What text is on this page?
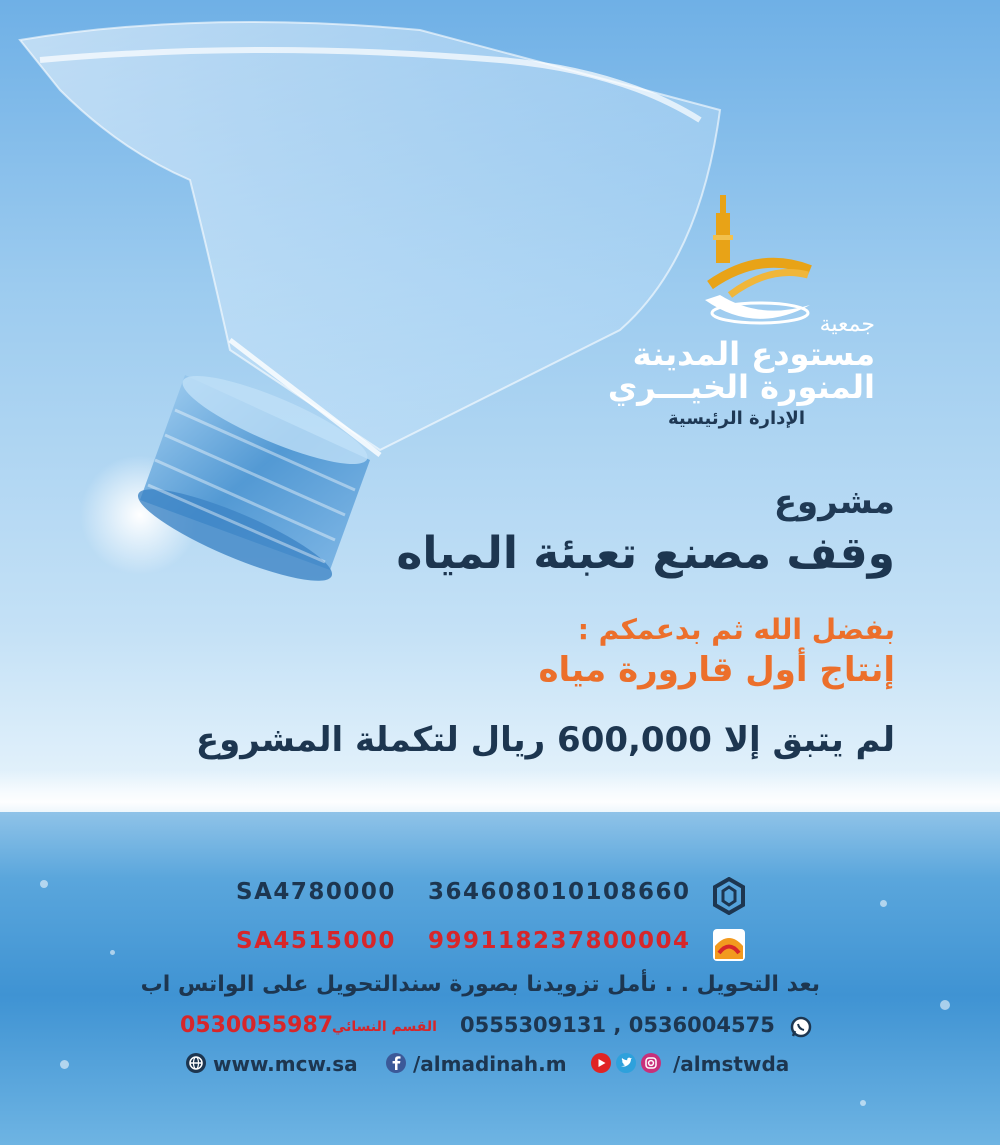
جمعية
مستودع المدينة
المنورة الخيـــري
الإدارة الرئيسية
مشروع
وقف مصنع تعبئة المياه
بفضل الله ثم بدعمكم :
إنتاج أول قارورة مياه
لم يتبق إلا 600,000 ريال لتكملة المشروع
SA4780000 364608010108660
SA4515000 999118237800004
بعد التحويل . . نأمل تزويدنا بصورة سندالتحويل على الواتس اب
0530055987
القسم النسائي 0555309131 , 0536004575
www.mcw.sa	/almadinah.m	/almstwda
